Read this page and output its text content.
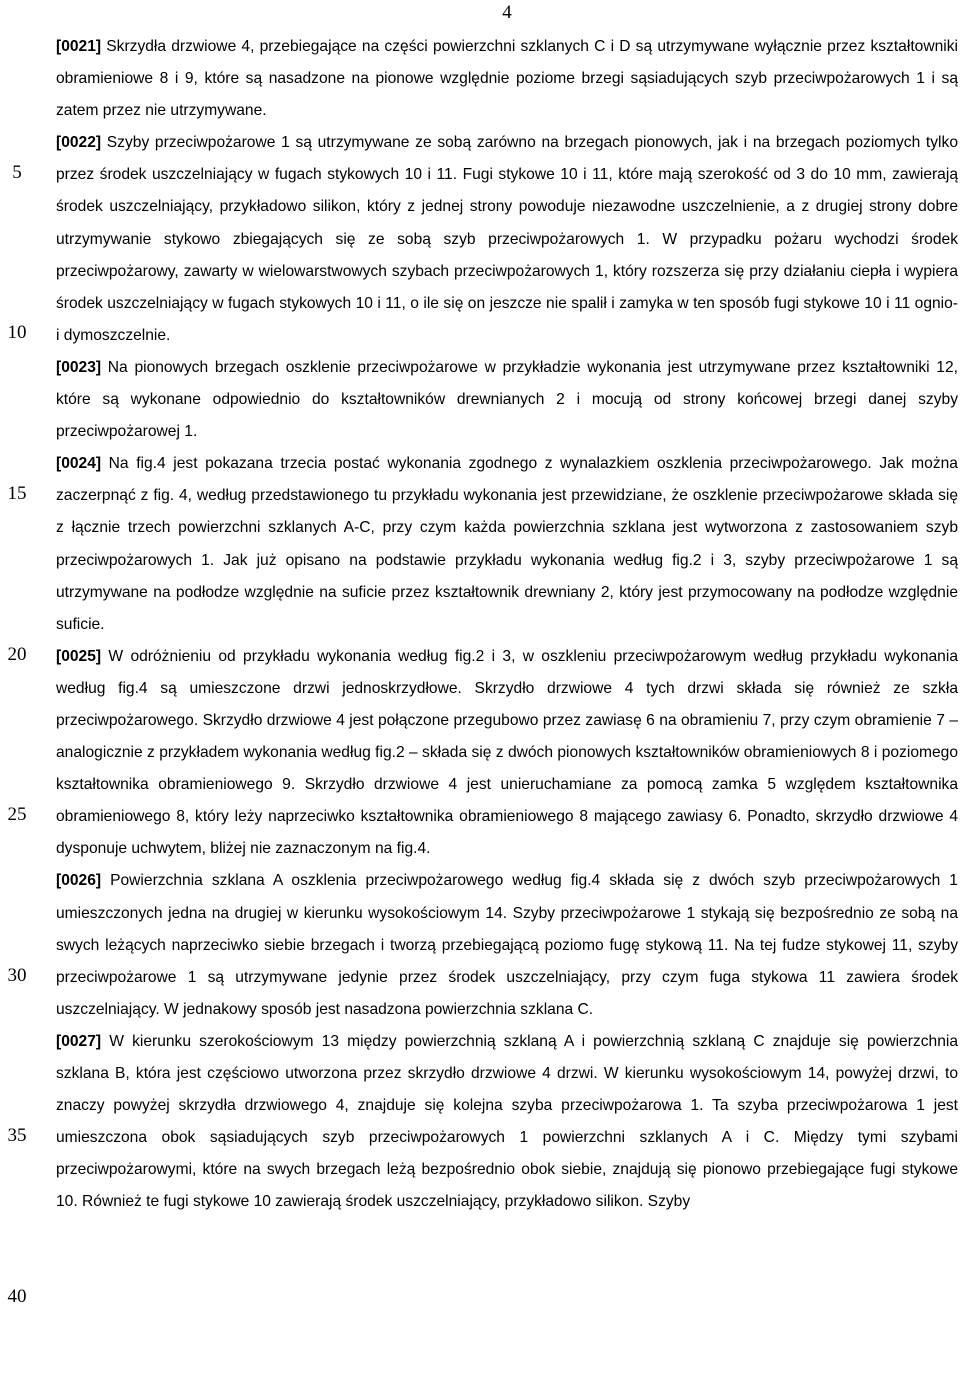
4
5
10
15
20
25
30
35
40

[0021] Skrzydła drzwiowe 4, przebiegające na części powierzchni szklanych C i D są utrzymywane wyłącznie przez kształtowniki obramieniowe 8 i 9, które są nasadzone na pionowe względnie poziome brzegi sąsiadujących szyb przeciwpożarowych 1 i są zatem przez nie utrzymywane.

[0022] Szyby przeciwpożarowe 1 są utrzymywane ze sobą zarówno na brzegach pionowych, jak i na brzegach poziomych tylko przez środek uszczelniający w fugach stykowych 10 i 11. Fugi stykowe 10 i 11, które mają szerokość od 3 do 10 mm, zawierają środek uszczelniający, przykładowo silikon, który z jednej strony powoduje niezawodne uszczelnienie, a z drugiej strony dobre utrzymywanie stykowo zbiegających się ze sobą szyb przeciwpożarowych 1. W przypadku pożaru wychodzi środek przeciwpożarowy, zawarty w wielowarstwowych szybach przeciwpożarowych 1, który rozszerza się przy działaniu ciepła i wypiera środek uszczelniający w fugach stykowych 10 i 11, o ile się on jeszcze nie spalił i zamyka w ten sposób fugi stykowe 10 i 11 ognio- i dymoszczelnie.

[0023] Na pionowych brzegach oszklenie przeciwpożarowe w przykładzie wykonania jest utrzymywane przez kształtowniki 12, które są wykonane odpowiednio do kształtowników drewnianych 2 i mocują od strony końcowej brzegi danej szyby przeciwpożarowej 1.

[0024] Na fig.4 jest pokazana trzecia postać wykonania zgodnego z wynalazkiem oszklenia przeciwpożarowego. Jak można zaczerpnąć z fig. 4, według przedstawionego tu przykładu wykonania jest przewidziane, że oszklenie przeciwpożarowe składa się z łącznie trzech powierzchni szklanych A-C, przy czym każda powierzchnia szklana jest wytworzona z zastosowaniem szyb przeciwpożarowych 1. Jak już opisano na podstawie przykładu wykonania według fig.2 i 3, szyby przeciwpożarowe 1 są utrzymywane na podłodze względnie na suficie przez kształtownik drewniany 2, który jest przymocowany na podłodze względnie suficie.

[0025] W odróżnieniu od przykładu wykonania według fig.2 i 3, w oszkleniu przeciwpożarowym według przykładu wykonania według fig.4 są umieszczone drzwi jednoskrzydłowe. Skrzydło drzwiowe 4 tych drzwi składa się również ze szkła przeciwpożarowego. Skrzydło drzwiowe 4 jest połączone przegubowo przez zawiasę 6 na obramieniu 7, przy czym obramienie 7 – analogicznie z przykładem wykonania według fig.2 – składa się z dwóch pionowych kształtowników obramieniowych 8 i poziomego kształtownika obramieniowego 9. Skrzydło drzwiowe 4 jest unieruchamiane za pomocą zamka 5 względem kształtownika obramieniowego 8, który leży naprzeciwko kształtownika obramieniowego 8 mającego zawiasy 6. Ponadto, skrzydło drzwiowe 4 dysponuje uchwytem, bliżej nie zaznaczonym na fig.4.

[0026] Powierzchnia szklana A oszklenia przeciwpożarowego według fig.4 składa się z dwóch szyb przeciwpożarowych 1 umieszczonych jedna na drugiej w kierunku wysokościowym 14. Szyby przeciwpożarowe 1 stykają się bezpośrednio ze sobą na swych leżących naprzeciwko siebie brzegach i tworzą przebiegającą poziomo fugę stykową 11. Na tej fudze stykowej 11, szyby przeciwpożarowe 1 są utrzymywane jedynie przez środek uszczelniający, przy czym fuga stykowa 11 zawiera środek uszczelniający. W jednakowy sposób jest nasadzona powierzchnia szklana C.

[0027] W kierunku szerokościowym 13 między powierzchnią szklaną A i powierzchnią szklaną C znajduje się powierzchnia szklana B, która jest częściowo utworzona przez skrzydło drzwiowe 4 drzwi. W kierunku wysokościowym 14, powyżej drzwi, to znaczy powyżej skrzydła drzwiowego 4, znajduje się kolejna szyba przeciwpożarowa 1. Ta szyba przeciwpożarowa 1 jest umieszczona obok sąsiadujących szyb przeciwpożarowych 1 powierzchni szklanych A i C. Między tymi szybami przeciwpożarowymi, które na swych brzegach leżą bezpośrednio obok siebie, znajdują się pionowo przebiegające fugi stykowe 10. Również te fugi stykowe 10 zawierają środek uszczelniający, przykładowo silikon. Szyby
